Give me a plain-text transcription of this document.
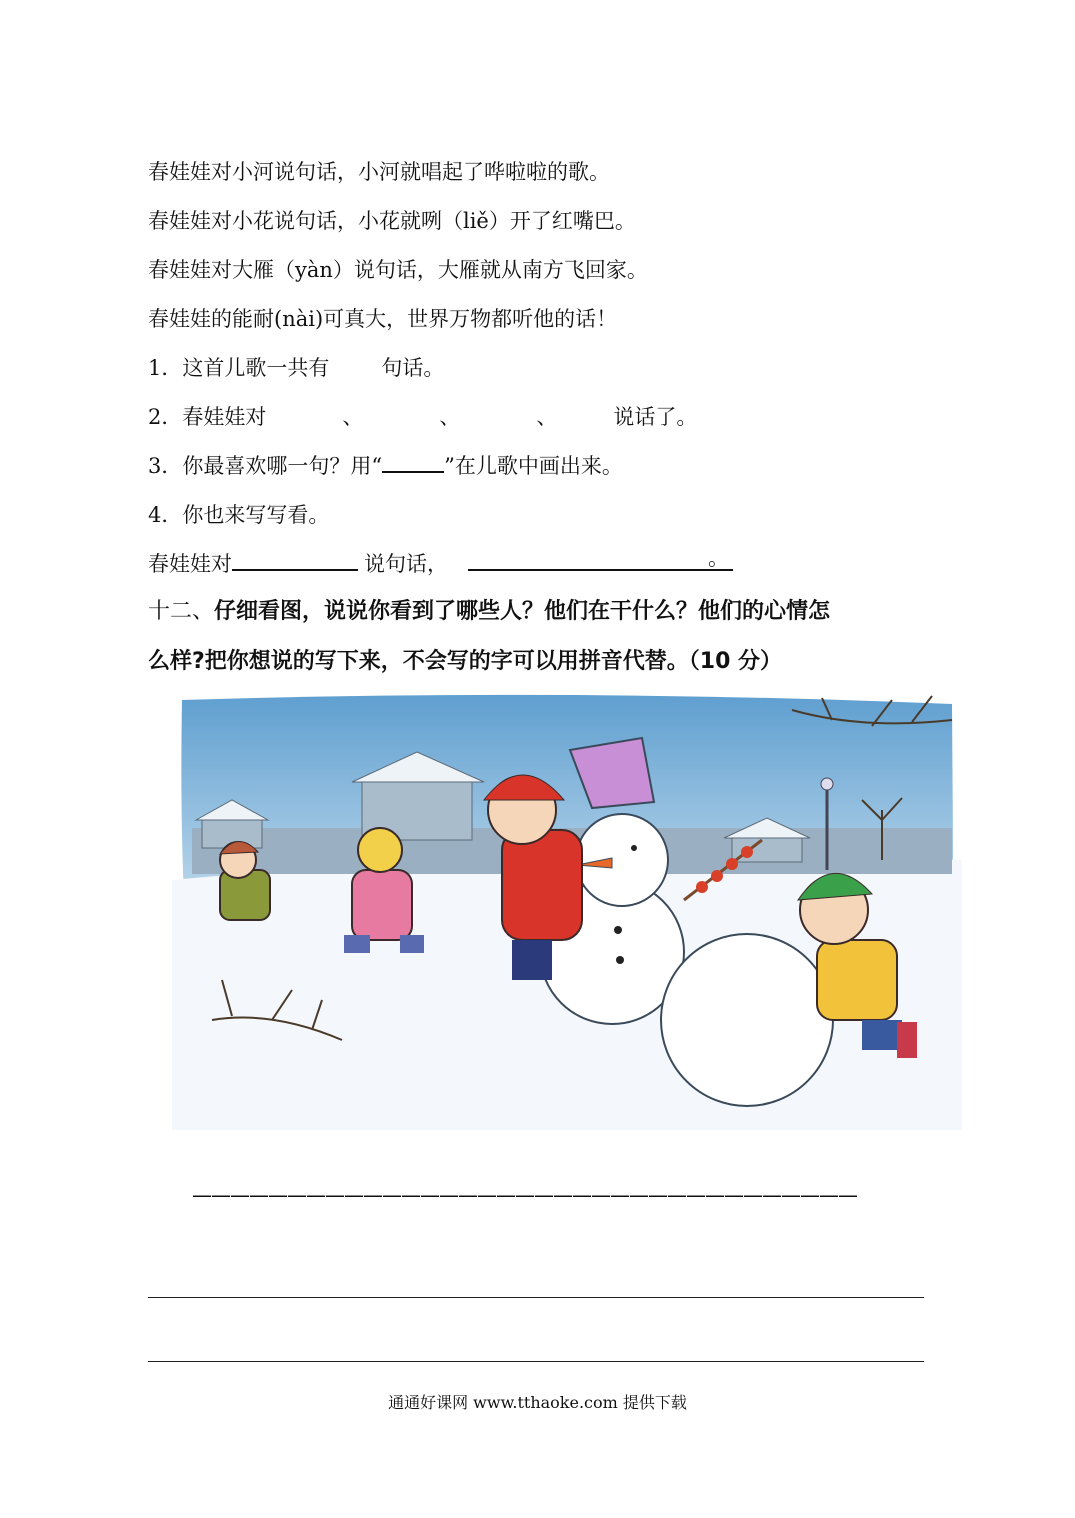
春娃娃对小河说句话，小河就唱起了哗啦啦的歌。
春娃娃对小花说句话，小花就咧（liě）开了红嘴巴。
春娃娃对大雁（yàn）说句话，大雁就从南方飞回家。
春娃娃的能耐(nài)可真大，世界万物都听他的话！
1．这首儿歌一共有 句话。
2．春娃娃对	、	、	、	说话了。
3．你最喜欢哪一句？用“	”在儿歌中画出来。
4．你也来写写看。
春娃娃对	说句话，	。
十二、仔细看图，说说你看到了哪些人？他们在干什么？他们的心情怎
么样?把你想说的写下来，不会写的字可以用拼音代替。（10 分）
———————————————————————————————————
通通好课网 www.tthaoke.com 提供下载
